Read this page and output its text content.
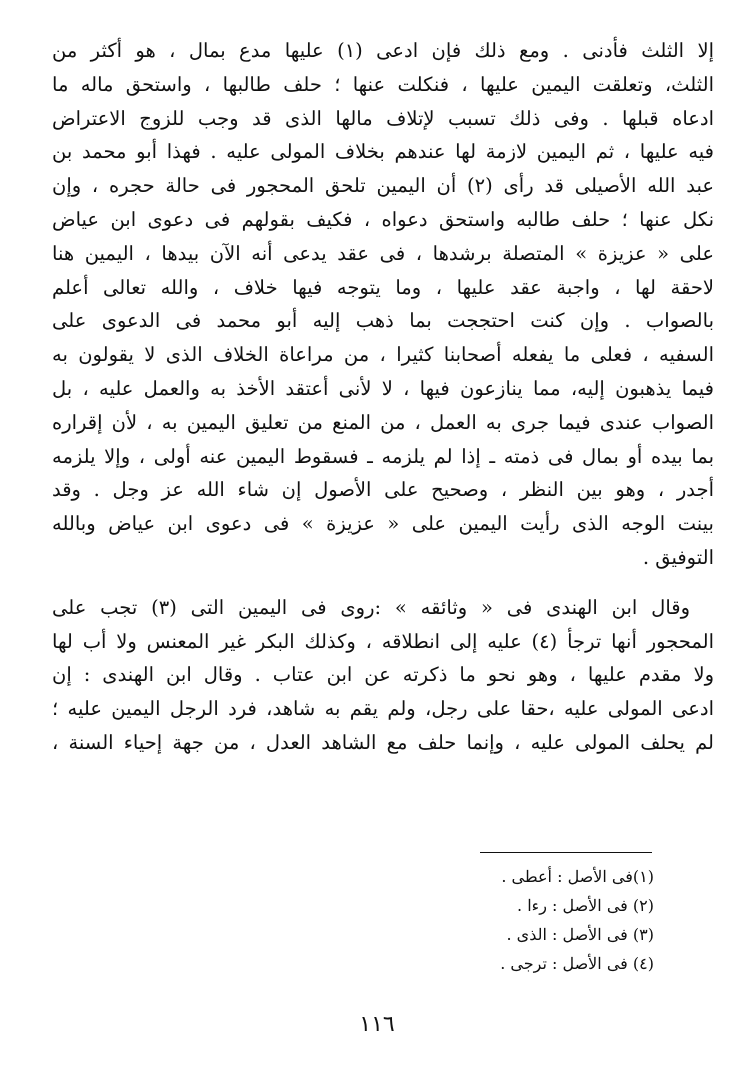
إلا الثلث فأدنى . ومع ذلك فإن ادعى (١) عليها مدع بمال ، هو أكثر من
الثلث، وتعلقت اليمين عليها ، فنكلت عنها ؛ حلف طالبها ، واستحق ماله ما
ادعاه قبلها . وفى ذلك تسبب لإتلاف مالها الذى قد وجب للزوج الاعتراض
فيه عليها ، ثم اليمين لازمة لها عندهم بخلاف المولى عليه . فهذا أبو محمد بن
عبد الله الأصيلى قد رأى (٢) أن اليمين تلحق المحجور فى حالة حجره ، وإن
نكل عنها ؛ حلف طالبه واستحق دعواه ، فكيف بقولهم فى دعوى ابن عياض
على « عزيزة » المتصلة برشدها ، فى عقد يدعى أنه الآن بيدها ، اليمين هنا
لاحقة لها ، واجبة عقد عليها ، وما يتوجه فيها خلاف ، والله تعالى أعلم
بالصواب . وإن كنت احتججت بما ذهب إليه أبو محمد فى الدعوى على
السفيه ، فعلى ما يفعله أصحابنا كثيرا ، من مراعاة الخلاف الذى لا يقولون به
فيما يذهبون إليه، مما ينازعون فيها ، لا لأنى أعتقد الأخذ به والعمل عليه ، بل
الصواب عندى فيما جرى به العمل ، من المنع من تعليق اليمين به ، لأن إقراره
بما بيده أو بمال فى ذمته ـ إذا لم يلزمه ـ فسقوط اليمين عنه أولى ، وإلا يلزمه
أجدر ، وهو بين النظر ، وصحيح على الأصول إن شاء الله عز وجل . وقد
بينت الوجه الذى رأيت اليمين على « عزيزة » فى دعوى ابن عياض وبالله
التوفيق .
وقال ابن الهندى فى « وثائقه » :روى فى اليمين التى (٣) تجب على
المحجور أنها ترجأ (٤) عليه إلى انطلاقه ، وكذلك البكر غير المعنس ولا أب لها
ولا مقدم عليها ، وهو نحو ما ذكرته عن ابن عتاب . وقال ابن الهندى : إن
ادعى المولى عليه ،حقا على رجل، ولم يقم به شاهد، فرد الرجل اليمين عليه ؛
لم يحلف المولى عليه ، وإنما حلف مع الشاهد العدل ، من جهة إحياء السنة ،
(١)فى الأصل : أعطى .
(٢) فى الأصل : رءا .
(٣) فى الأصل : الذى .
(٤) فى الأصل : ترجى .
١١٦
